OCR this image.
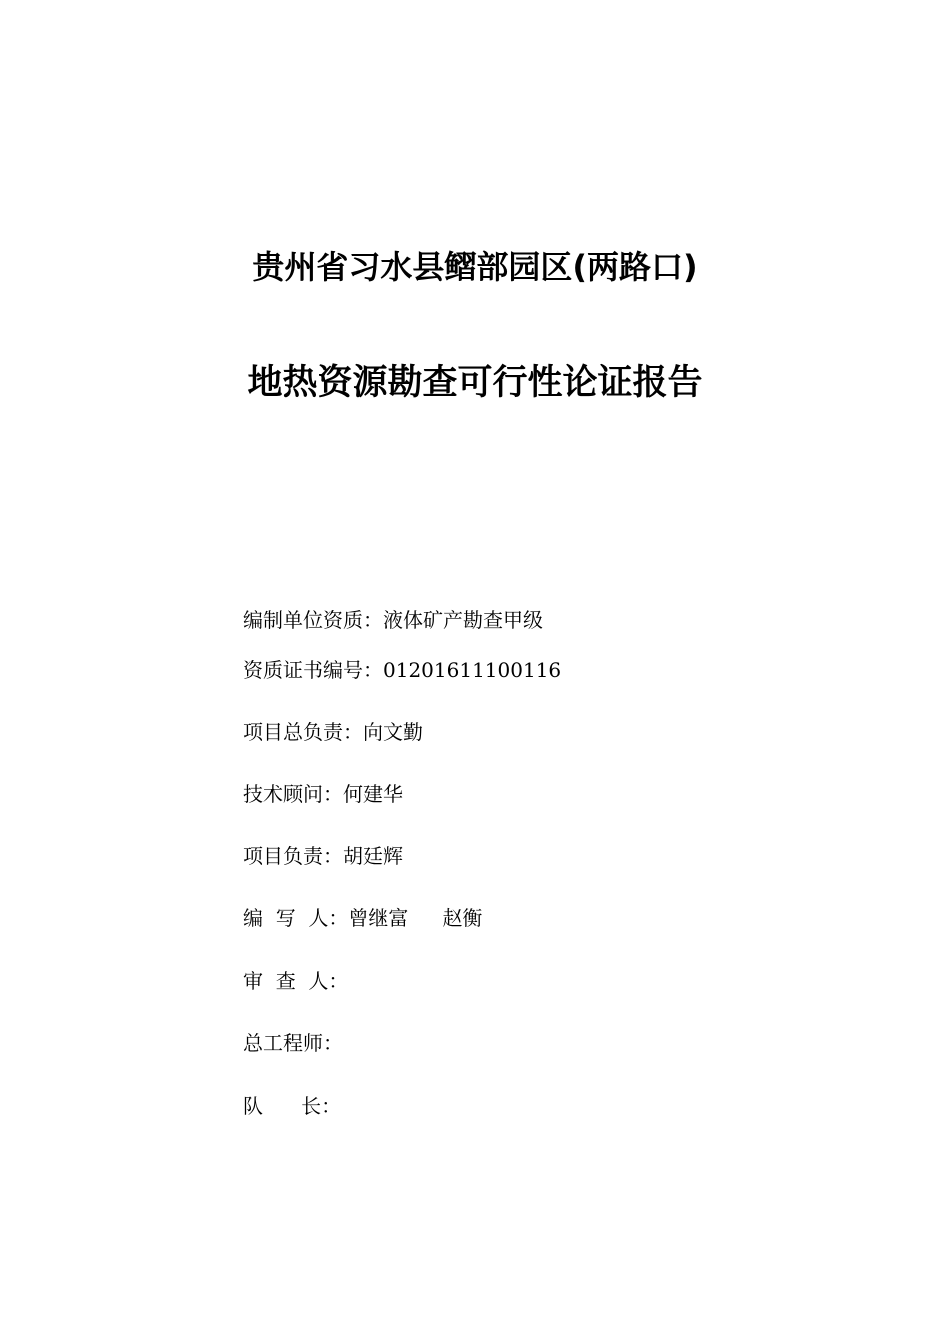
贵州省习水县鳛部园区(两路口)
地热资源勘查可行性论证报告
编制单位资质：液体矿产勘查甲级
资质证书编号：01201611100116
项目总负责：向文勤
技术顾问：何建华
项目负责：胡廷辉
编  写  人：曾继富 赵衡
审  查  人：
总工程师：
队      长：
